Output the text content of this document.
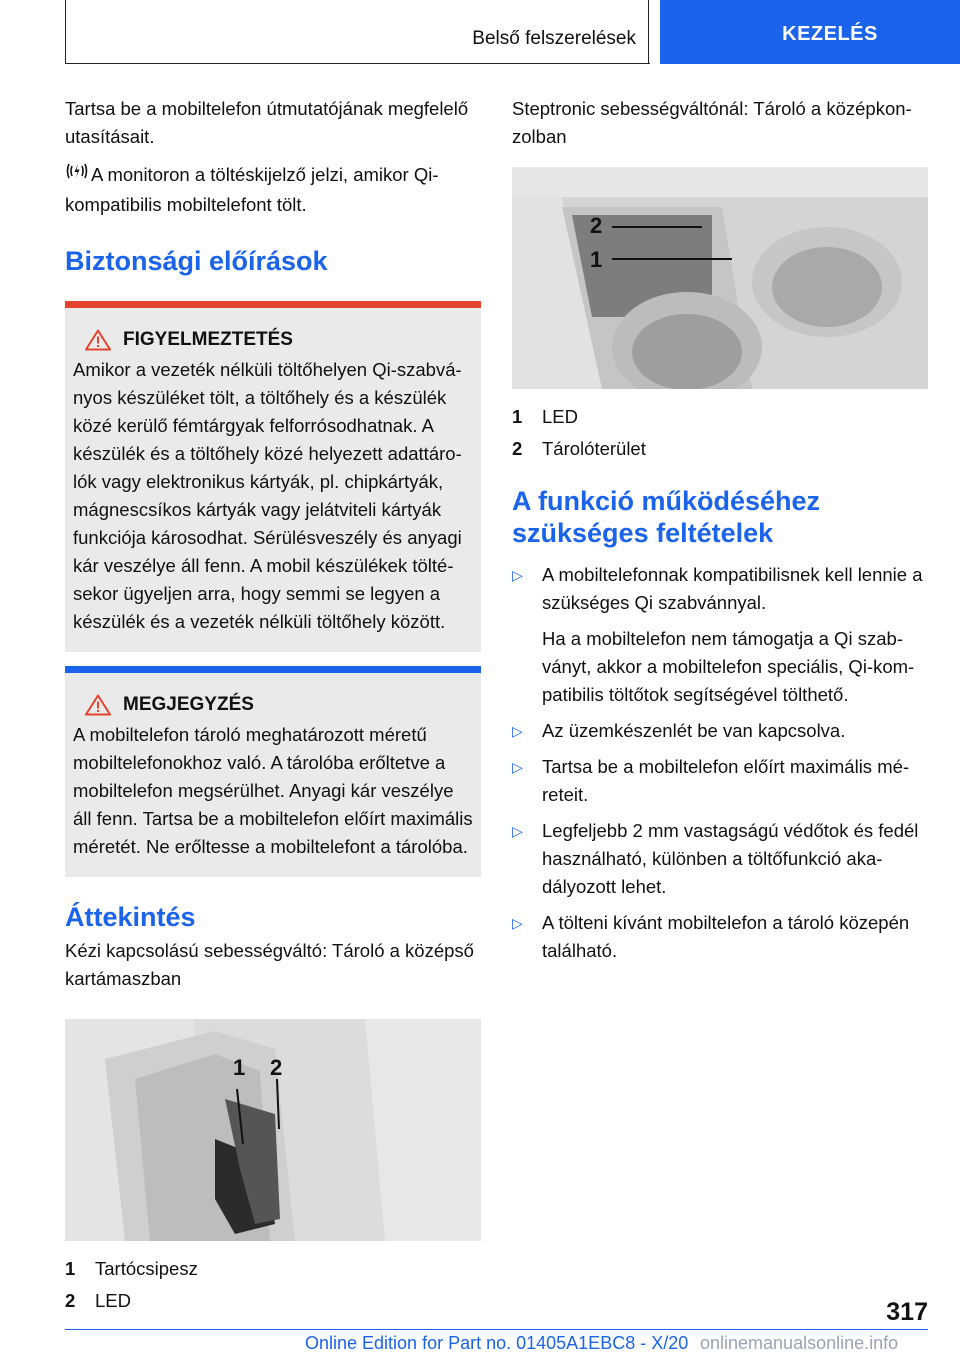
Belső felszerelések	KEZELÉS

Tartsa be a mobiltelefon útmutatójának megfelelő utasításait.

A monitoron a töltéskijelző jelzi, amikor Qi-kompatibilis mobiltelefont tölt.

Biztonsági előírások
FIGYELMEZTETÉS
Amikor a vezeték nélküli töltőhelyen Qi-szabványos készüléket tölt, a töltőhely és a készülék közé kerülő fémtárgyak felforrósodhatnak. A készülék és a töltőhely közé helyezett adattárolók vagy elektronikus kártyák, pl. chipkártyák, mágnescsíkos kártyák vagy jelátviteli kártyák funkciója károsodhat. Sérülésveszély és anyagi kár veszélye áll fenn. A mobil készülékek töltésekor ügyeljen arra, hogy semmi se legyen a készülék és a vezeték nélküli töltőhely között.
MEGJEGYZÉS
A mobiltelefon tároló meghatározott méretű mobiltelefonokhoz való. A tárolóba erőltetve a mobiltelefon megsérülhet. Anyagi kár veszélye áll fenn. Tartsa be a mobiltelefon előírt maximális méretét. Ne erőltesse a mobiltelefont a tárolóba.
Áttekintés

Kézi kapcsolású sebességváltó: Tároló a középső kartámaszban

1 2
1	Tartócsipesz
2	LED

Steptronic sebességváltónál: Tároló a középkonzolban

2
1
1	LED
2	Tárolóterület
A funkció működéséhez szükséges feltételek
▷ A mobiltelefonnak kompatibilisnek kell lennie a szükséges Qi szabvánnyal.
Ha a mobiltelefon nem támogatja a Qi szabványt, akkor a mobiltelefon speciális, Qi-kompatibilis töltőtok segítségével tölthető.
▷ Az üzemkészenlét be van kapcsolva.
▷ Tartsa be a mobiltelefon előírt maximális méreteit.
▷ Legfeljebb 2 mm vastagságú védőtok és fedél használható, különben a töltőfunkció akadályozott lehet.
▷ A tölteni kívánt mobiltelefon a tároló közepén található.
317
Online Edition for Part no. 01405A1EBC8 - X/20 onlinemanualsonline.info
